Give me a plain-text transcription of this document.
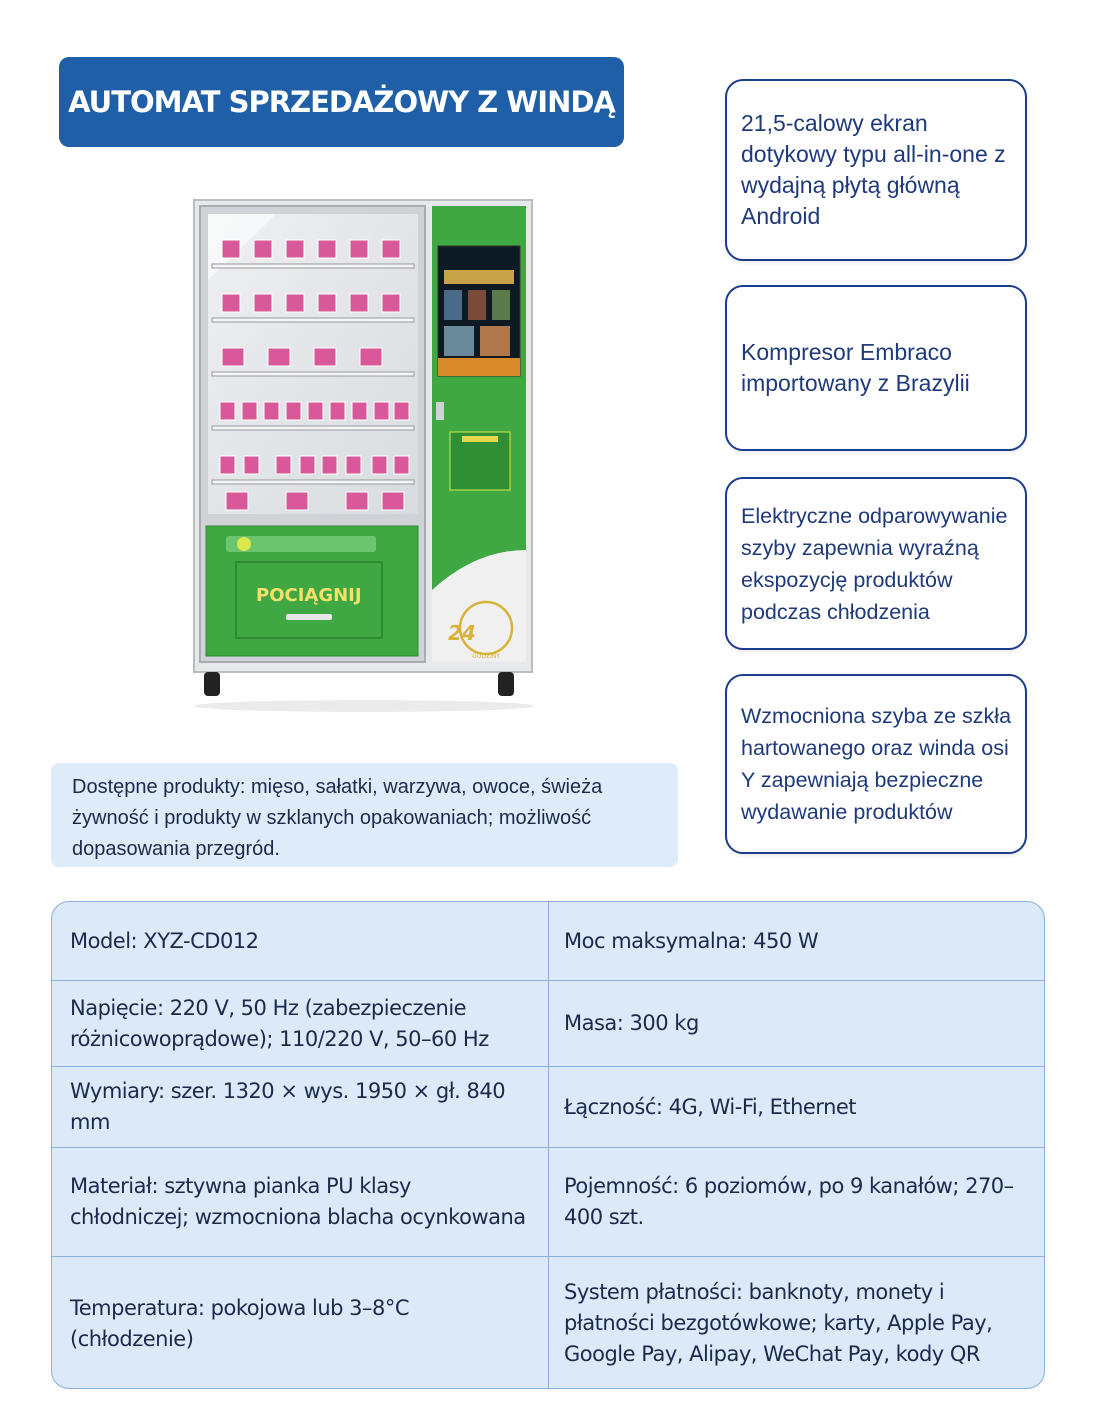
AUTOMAT SPRZEDAŻOWY Z WINDĄ
POCIĄGNIJ
24
GODZINY
21,5-calowy ekran dotykowy typu all-in-one z wydajną płytą główną Android
Kompresor Embraco importowany z Brazylii
Elektryczne odparowywanie szyby zapewnia wyraźną ekspozycję produktów podczas chłodzenia
Wzmocniona szyba ze szkła hartowanego oraz winda osi Y zapewniają bezpieczne wydawanie produktów
Dostępne produkty: mięso, sałatki, warzywa, owoce, świeża żywność i produkty w szklanych opakowaniach; możliwość dopasowania przegród.
Model: XYZ-CD012	Moc maksymalna: 450 W
Napięcie: 220 V, 50 Hz (zabezpieczenie różnicowoprądowe); 110/220 V, 50–60 Hz
Masa: 300 kg
Wymiary: szer. 1320 × wys. 1950 × gł. 840 mm
Łączność: 4G, Wi-Fi, Ethernet
Materiał: sztywna pianka PU klasy chłodniczej; wzmocniona blacha ocynkowana
Pojemność: 6 poziomów, po 9 kanałów; 270–400 szt.
Temperatura: pokojowa lub 3–8°C (chłodzenie)
System płatności: banknoty, monety i płatności bezgotówkowe; karty, Apple Pay, Google Pay, Alipay, WeChat Pay, kody QR
